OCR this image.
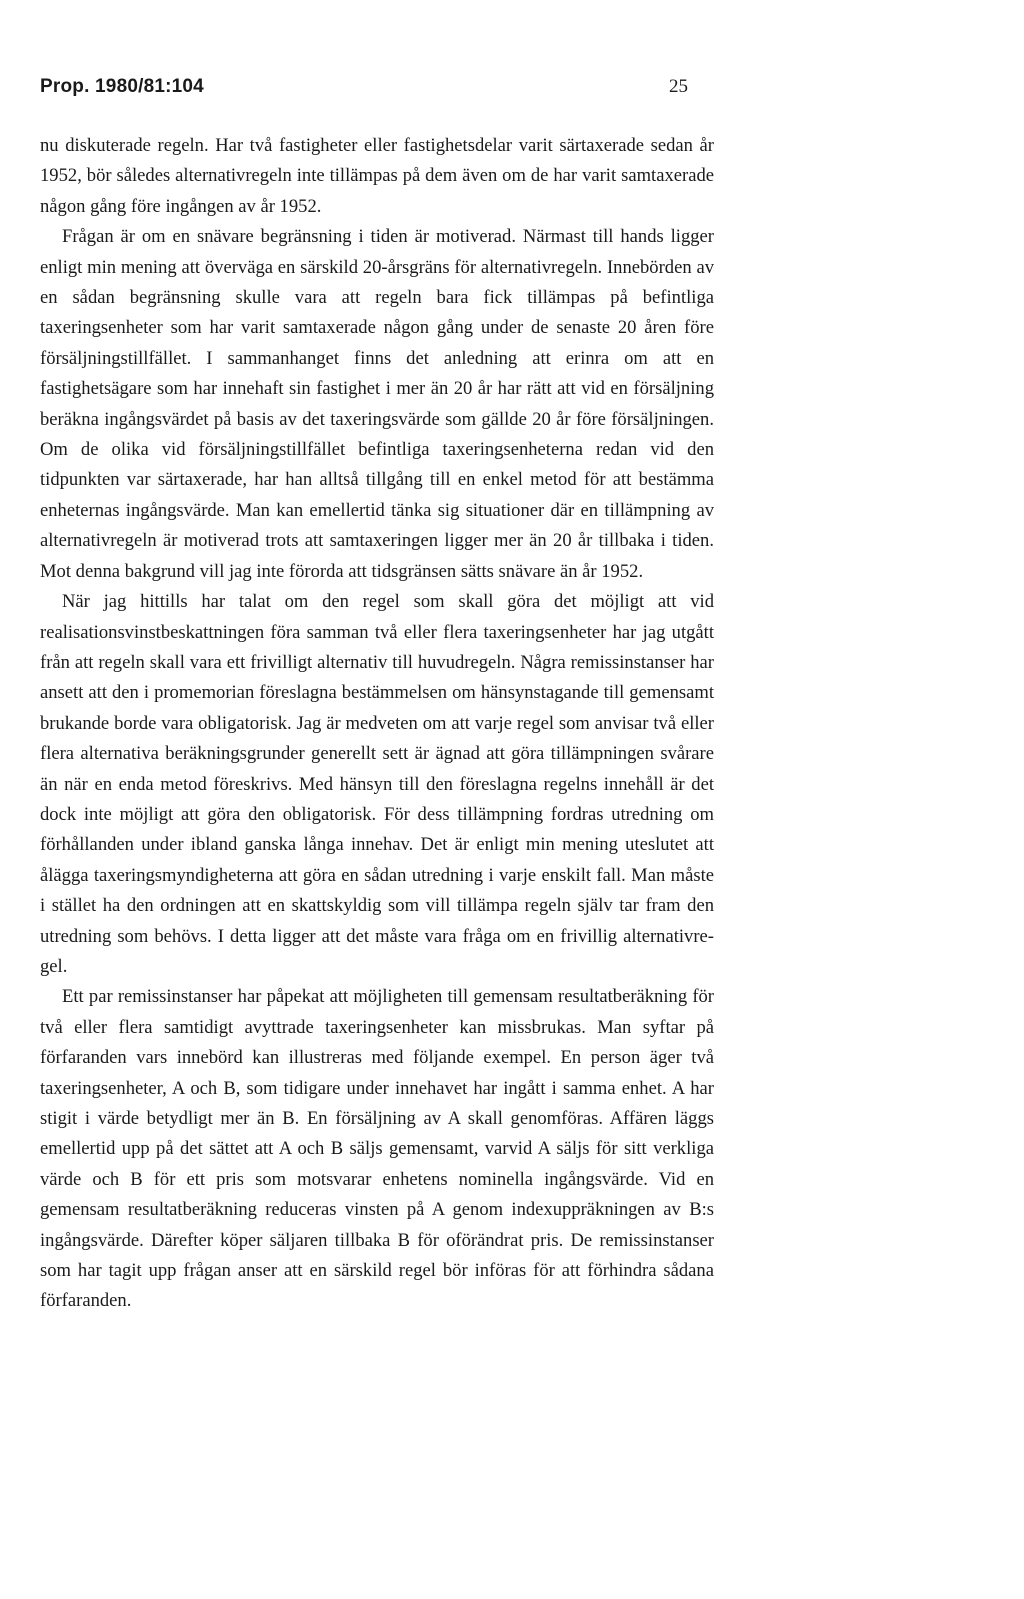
Prop. 1980/81:104	25

nu diskuterade regeln. Har två fastigheter eller fastighetsdelar varit särtaxerade sedan år 1952, bör således alternativregeln inte tillämpas på dem även om de har varit samtaxerade någon gång före ingången av år 1952.

Frågan är om en snävare begränsning i tiden är motiverad. Närmast till hands ligger enligt min mening att överväga en särskild 20-årsgräns för alternativregeln. Innebörden av en sådan begränsning skulle vara att regeln bara fick tillämpas på befintliga taxeringsenheter som har varit samtaxerade någon gång under de senaste 20 åren före försäljningstillfället. I sammanhanget finns det anledning att erinra om att en fastighetsägare som har innehaft sin fastighet i mer än 20 år har rätt att vid en försäljning beräkna ingångsvärdet på basis av det taxeringsvärde som gällde 20 år före försäljningen. Om de olika vid försäljningstillfället befintliga taxeringsenheterna redan vid den tidpunkten var särtaxerade, har han alltså tillgång till en enkel metod för att bestämma enheternas ingångsvärde. Man kan emellertid tänka sig situationer där en tillämpning av alternativregeln är motiverad trots att samtaxeringen ligger mer än 20 år tillbaka i tiden. Mot denna bakgrund vill jag inte förorda att tidsgränsen sätts snävare än år 1952.

När jag hittills har talat om den regel som skall göra det möjligt att vid realisationsvinstbeskattningen föra samman två eller flera taxeringsenheter har jag utgått från att regeln skall vara ett frivilligt alternativ till huvudregeln. Några remissinstanser har ansett att den i promemorian föreslagna bestämmelsen om hänsynstagande till gemensamt brukande borde vara obligatorisk. Jag är medveten om att varje regel som anvisar två eller flera alternativa beräkningsgrunder generellt sett är ägnad att göra tillämpningen svårare än när en enda metod föreskrivs. Med hänsyn till den föreslagna regelns innehåll är det dock inte möjligt att göra den obligatorisk. För dess tillämpning fordras utredning om förhållanden under ibland ganska långa innehav. Det är enligt min mening uteslutet att ålägga taxeringsmyndigheterna att göra en sådan utredning i varje enskilt fall. Man måste i stället ha den ordningen att en skattskyldig som vill tillämpa regeln själv tar fram den utredning som behövs. I detta ligger att det måste vara fråga om en frivillig alternativregel.

Ett par remissinstanser har påpekat att möjligheten till gemensam resultatberäkning för två eller flera samtidigt avyttrade taxeringsenheter kan missbrukas. Man syftar på förfaranden vars innebörd kan illustreras med följande exempel. En person äger två taxeringsenheter, A och B, som tidigare under innehavet har ingått i samma enhet. A har stigit i värde betydligt mer än B. En försäljning av A skall genomföras. Affären läggs emellertid upp på det sättet att A och B säljs gemensamt, varvid A säljs för sitt verkliga värde och B för ett pris som motsvarar enhetens nominella ingångsvärde. Vid en gemensam resultatberäkning reduceras vinsten på A genom indexuppräkningen av B:s ingångsvärde. Därefter köper säljaren tillbaka B för oförändrat pris. De remissinstanser som har tagit upp frågan anser att en särskild regel bör införas för att förhindra sådana förfaranden.
